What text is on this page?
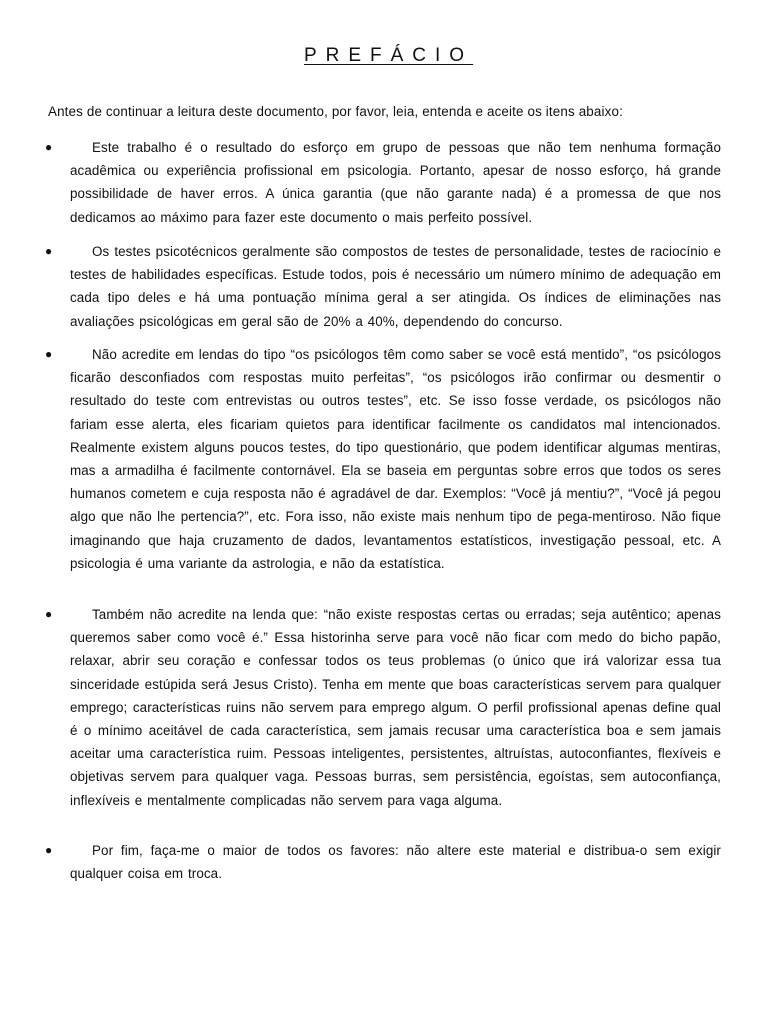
PREFÁCIO
Antes de continuar a leitura deste documento, por favor, leia, entenda e aceite os itens abaixo:
●	Este trabalho é o resultado do esforço em grupo de pessoas que não tem nenhuma formação acadêmica ou experiência profissional em psicologia. Portanto, apesar de nosso esforço, há grande possibilidade de haver erros. A única garantia (que não garante nada) é a promessa de que nos dedicamos ao máximo para fazer este documento o mais perfeito possível.

●	Os testes psicotécnicos geralmente são compostos de testes de personalidade, testes de raciocínio e testes de habilidades específicas. Estude todos, pois é necessário um número mínimo de adequação em cada tipo deles e há uma pontuação mínima geral a ser atingida. Os índices de eliminações nas avaliações psicológicas em geral são de 20% a 40%, dependendo do concurso.

●	Não acredite em lendas do tipo “os psicólogos têm como saber se você está mentido”, “os psicólogos ficarão desconfiados com respostas muito perfeitas”, “os psicólogos irão confirmar ou desmentir o resultado do teste com entrevistas ou outros testes”, etc. Se isso fosse verdade, os psicólogos não fariam esse alerta, eles ficariam quietos para identificar facilmente os candidatos mal intencionados. Realmente existem alguns poucos testes, do tipo questionário, que podem identificar algumas mentiras, mas a armadilha é facilmente contornável. Ela se baseia em perguntas sobre erros que todos os seres humanos cometem e cuja resposta não é agradável de dar. Exemplos: “Você já mentiu?”, “Você já pegou algo que não lhe pertencia?”, etc. Fora isso, não existe mais nenhum tipo de pega-mentiroso. Não fique imaginando que haja cruzamento de dados, levantamentos estatísticos, investigação pessoal, etc. A psicologia é uma variante da astrologia, e não da estatística.

●	Também não acredite na lenda que: “não existe respostas certas ou erradas; seja autêntico; apenas queremos saber como você é.” Essa historinha serve para você não ficar com medo do bicho papão, relaxar, abrir seu coração e confessar todos os teus problemas (o único que irá valorizar essa tua sinceridade estúpida será Jesus Cristo). Tenha em mente que boas características servem para qualquer emprego; características ruins não servem para emprego algum. O perfil profissional apenas define qual é o mínimo aceitável de cada característica, sem jamais recusar uma característica boa e sem jamais aceitar uma característica ruim. Pessoas inteligentes, persistentes, altruístas, autoconfiantes, flexíveis e objetivas servem para qualquer vaga. Pessoas burras, sem persistência, egoístas, sem autoconfiança, inflexíveis e mentalmente complicadas não servem para vaga alguma.

●	Por fim, faça-me o maior de todos os favores: não altere este material e distribua-o sem exigir qualquer coisa em troca.
